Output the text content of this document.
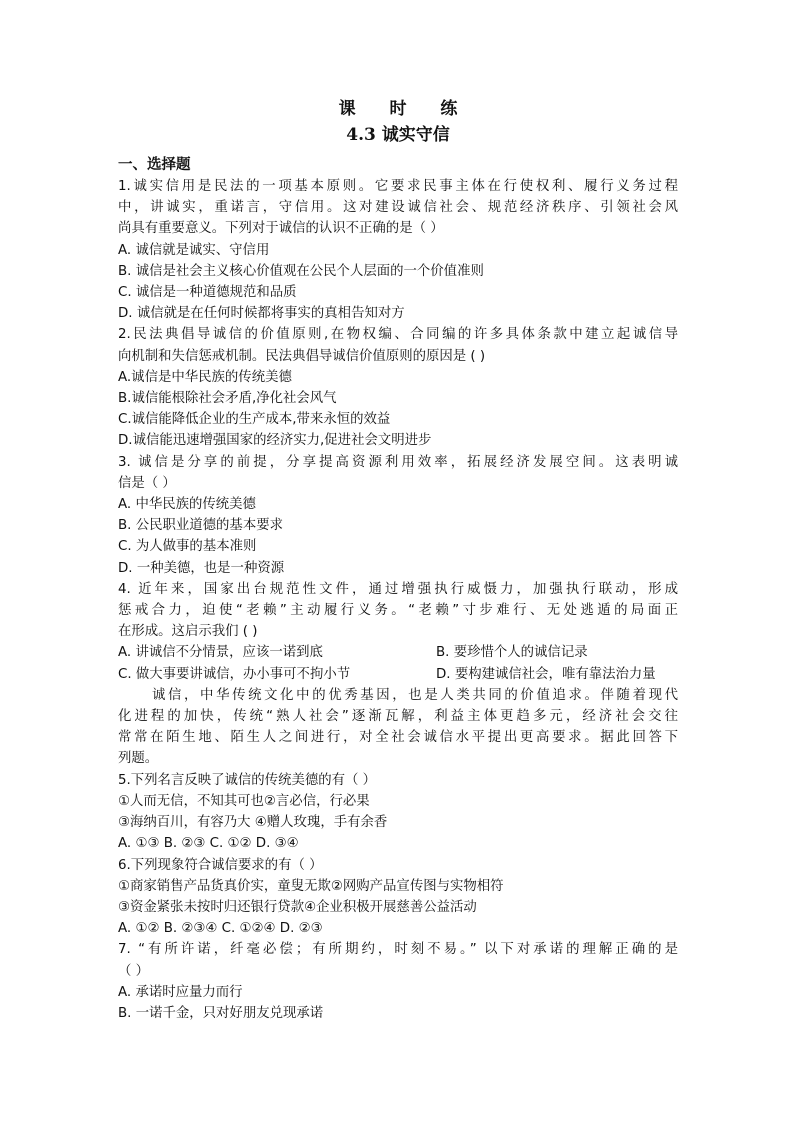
课 时 练
4.3 诚实守信
一、选择题
1.诚实信用是民法的一项基本原则。它要求民事主体在行使权利、履行义务过程
中，讲诚实，重诺言，守信用。这对建设诚信社会、规范经济秩序、引领社会风
尚具有重要意义。下列对于诚信的认识不正确的是（ ）
A. 诚信就是诚实、守信用
B. 诚信是社会主义核心价值观在公民个人层面的一个价值准则
C. 诚信是一种道德规范和品质
D. 诚信就是在任何时候都将事实的真相告知对方
2.民法典倡导诚信的价值原则,在物权编、合同编的许多具体条款中建立起诚信导
向机制和失信惩戒机制。民法典倡导诚信价值原则的原因是 ( )
A.诚信是中华民族的传统美德
B.诚信能根除社会矛盾,净化社会风气
C.诚信能降低企业的生产成本,带来永恒的效益
D.诚信能迅速增强国家的经济实力,促进社会文明进步
3. 诚信是分享的前提，分享提高资源利用效率，拓展经济发展空间。这表明诚
信是（ ）
A. 中华民族的传统美德
B. 公民职业道德的基本要求
C. 为人做事的基本准则
D. 一种美德，也是一种资源
4. 近年来，国家出台规范性文件，通过增强执行威慑力，加强执行联动，形成
惩戒合力，迫使“老赖”主动履行义务。“老赖”寸步难行、无处逃遁的局面正
在形成。这启示我们 ( )
A. 讲诚信不分情景，应该一诺到底	B. 要珍惜个人的诚信记录
C. 做大事要讲诚信，办小事可不拘小节	D. 要构建诚信社会，唯有靠法治力量
诚信，中华传统文化中的优秀基因，也是人类共同的价值追求。伴随着现代
化进程的加快，传统“熟人社会”逐渐瓦解，利益主体更趋多元，经济社会交往
常常在陌生地、陌生人之间进行，对全社会诚信水平提出更高要求。据此回答下
列题。
5.下列名言反映了诚信的传统美德的有（ ）
①人而无信，不知其可也②言必信，行必果
③海纳百川，有容乃大 ④赠人玫瑰，手有余香
A. ①③ B. ②③ C. ①② D. ③④
6.下列现象符合诚信要求的有（ ）
①商家销售产品货真价实，童叟无欺②网购产品宣传图与实物相符
③资金紧张未按时归还银行贷款④企业积极开展慈善公益活动
A. ①② B. ②③④ C. ①②④ D. ②③
7. “有所许诺，纤毫必偿；有所期约，时刻不易。” 以下对承诺的理解正确的是
（ ）
A. 承诺时应量力而行
B. 一诺千金，只对好朋友兑现承诺
